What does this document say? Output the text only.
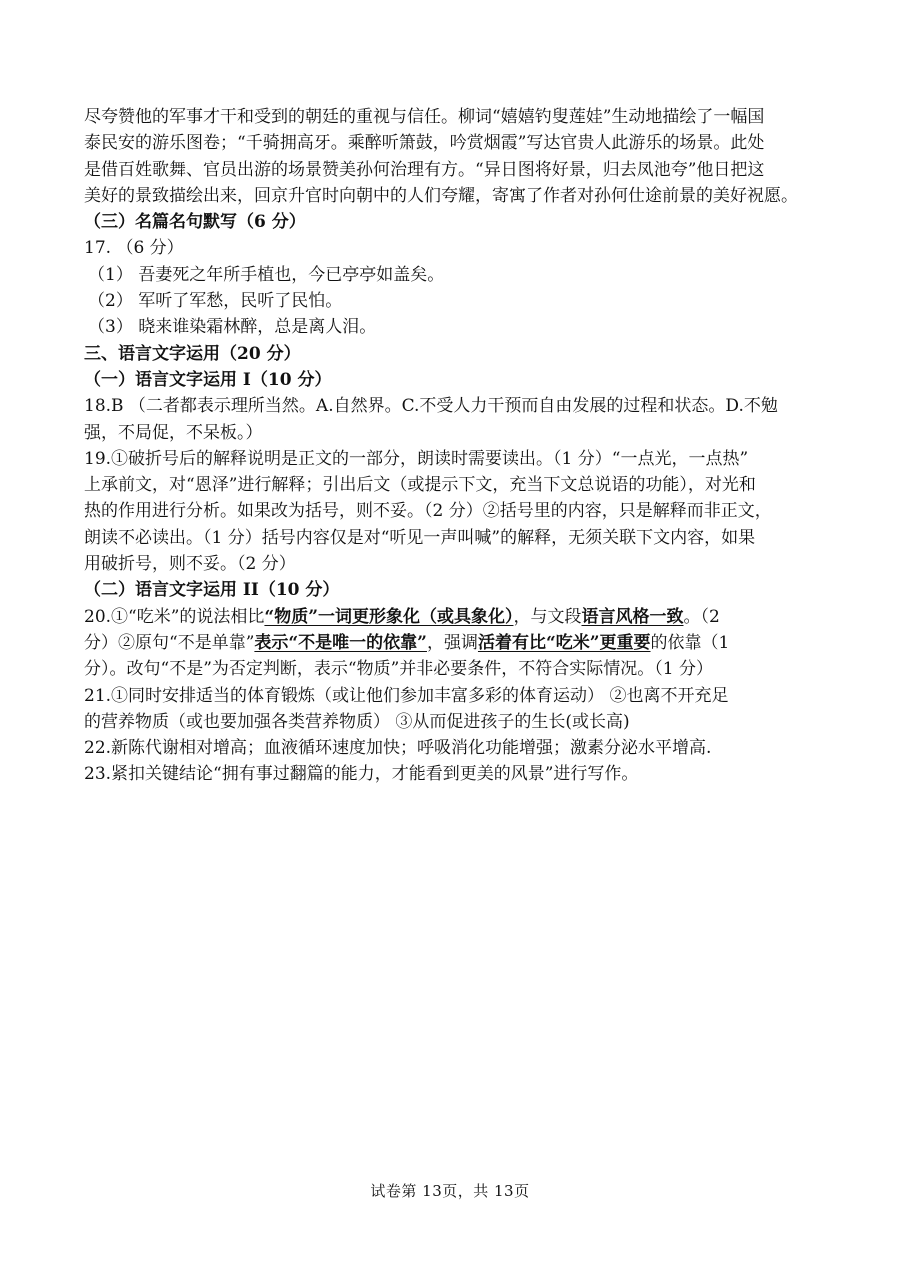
尽夸赞他的军事才干和受到的朝廷的重视与信任。柳词“嬉嬉钓叟莲娃”生动地描绘了一幅国
泰民安的游乐图卷；“千骑拥高牙。乘醉听箫鼓，吟赏烟霞”写达官贵人此游乐的场景。此处
是借百姓歌舞、官员出游的场景赞美孙何治理有方。“异日图将好景，归去凤池夸”他日把这
美好的景致描绘出来，回京升官时向朝中的人们夸耀，寄寓了作者对孙何仕途前景的美好祝愿。
（三）名篇名句默写（6 分）
17. （6 分）
（1） 吾妻死之年所手植也，今已亭亭如盖矣。
（2） 军听了军愁，民听了民怕。
（3） 晓来谁染霜林醉，总是离人泪。
三、语言文字运用（20 分）
（一）语言文字运用 I（10 分）
18.B （二者都表示理所当然。A.自然界。C.不受人力干预而自由发展的过程和状态。D.不勉
强，不局促，不呆板。）
19.①破折号后的解释说明是正文的一部分，朗读时需要读出。（1 分）“一点光，一点热”
上承前文，对“恩泽”进行解释；引出后文（或提示下文，充当下文总说语的功能），对光和
热的作用进行分析。如果改为括号，则不妥。（2 分）②括号里的内容，只是解释而非正文，
朗读不必读出。（1 分）括号内容仅是对“听见一声叫喊”的解释，无须关联下文内容，如果
用破折号，则不妥。（2 分）
（二）语言文字运用 II（10 分）
20.①“吃米”的说法相比“物质”一词更形象化（或具象化），与文段语言风格一致。（2
分）②原句“不是单靠”表示“不是唯一的依靠”，强调活着有比“吃米”更重要的依靠（1
分）。改句“不是”为否定判断，表示“物质”并非必要条件，不符合实际情况。（1 分）
21.①同时安排适当的体育锻炼（或让他们参加丰富多彩的体育运动） ②也离不开充足
的营养物质（或也要加强各类营养物质） ③从而促进孩子的生长(或长高)
22.新陈代谢相对增高；血液循环速度加快；呼吸消化功能增强；激素分泌水平增高.
23.紧扣关键结论“拥有事过翻篇的能力，才能看到更美的风景”进行写作。
试卷第 13页，共 13页
